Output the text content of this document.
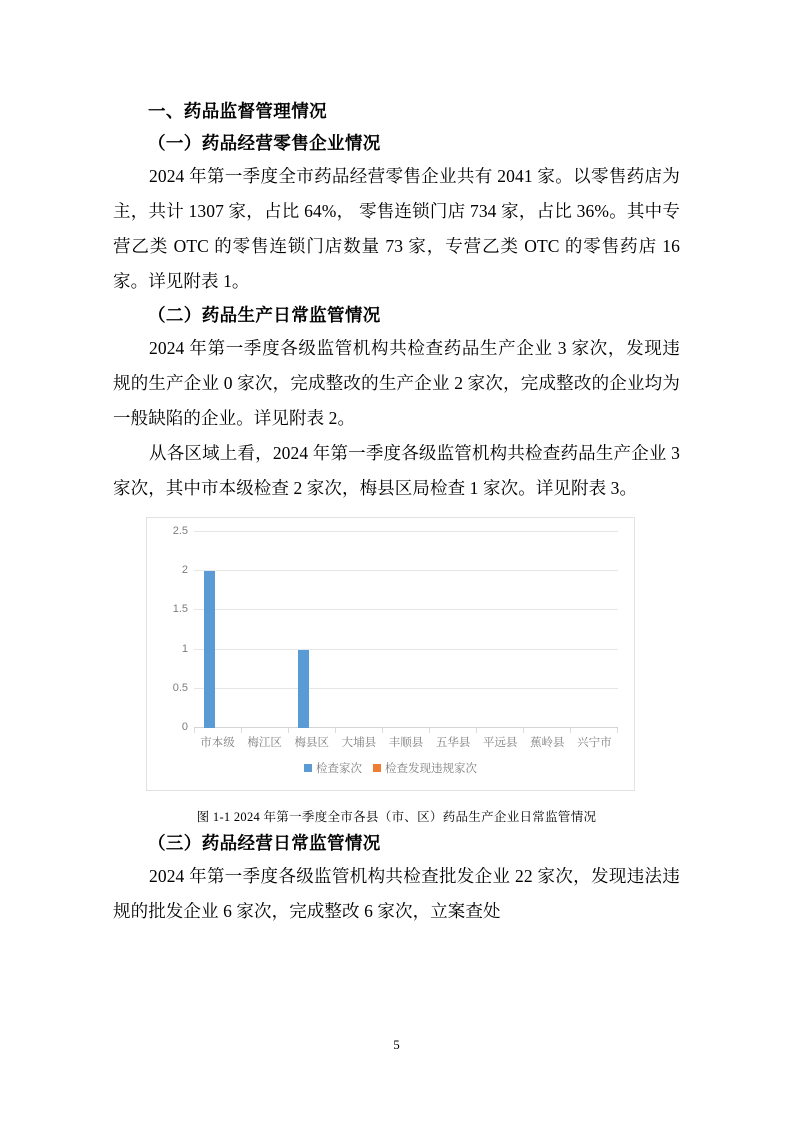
一、药品监督管理情况
（一）药品经营零售企业情况

2024 年第一季度全市药品经营零售企业共有 2041 家。以零售药店为主，共计 1307 家，占比 64%， 零售连锁门店 734 家，占比 36%。其中专营乙类 OTC 的零售连锁门店数量 73 家，专营乙类 OTC 的零售药店 16 家。详见附表 1。

（二）药品生产日常监管情况

2024 年第一季度各级监管机构共检查药品生产企业 3 家次，发现违规的生产企业 0 家次，完成整改的生产企业 2 家次，完成整改的企业均为一般缺陷的企业。详见附表 2。

从各区域上看，2024 年第一季度各级监管机构共检查药品生产企业 3 家次，其中市本级检查 2 家次，梅县区局检查 1 家次。详见附表 3。

0
0.5
1
1.5
2
2.5
市本级	梅江区	梅县区	大埔县	丰顺县	五华县	平远县	蕉岭县	兴宁市
检查家次 检查发现违规家次
图 1-1 2024 年第一季度全市各县（市、区）药品生产企业日常监管情况
（三）药品经营日常监管情况

2024 年第一季度各级监管机构共检查批发企业 22 家次，发现违法违规的批发企业 6 家次，完成整改 6 家次，立案查处

5
